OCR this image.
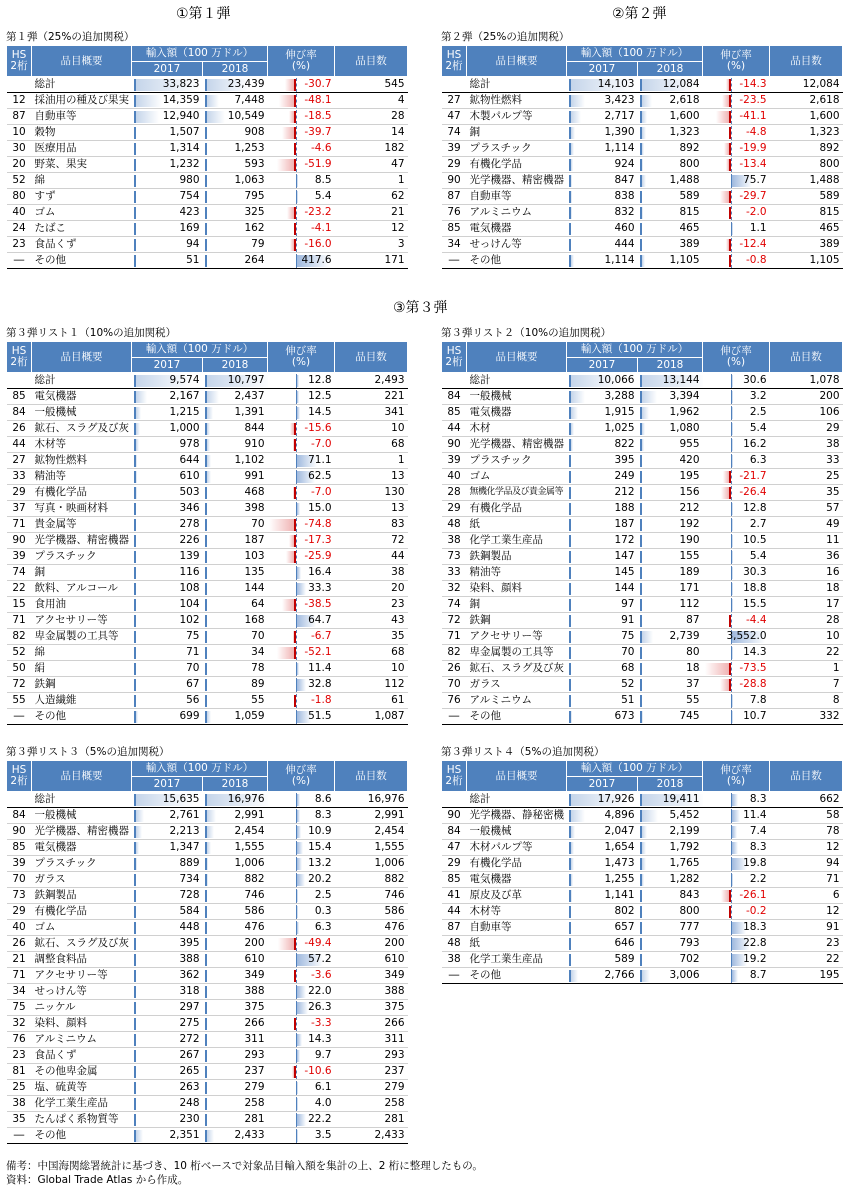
①第１弾	②第２弾
③第３弾
第１弾（25%の追加関税）
HS
2桁	品目概要	輸入額（100 万ドル）		伸び率
(%)	品目数
		2017	2018		
	総計	33,823	23,439	-30.7	545
12	採油用の種及び果実	14,359	7,448	-48.1	4
87	自動車等	12,940	10,549	-18.5	28
10	穀物	1,507	908	-39.7	14
30	医療用品	1,314	1,253	-4.6	182
20	野菜、果実	1,232	593	-51.9	47
52	綿	980	1,063	8.5	1
80	すず	754	795	5.4	62
40	ゴム	423	325	-23.2	21
24	たばこ	169	162	-4.1	12
23	食品くず	94	79	-16.0	3
―	その他	51	264	417.6	171
第２弾（25%の追加関税）
HS
2桁	品目概要	輸入額（100 万ドル）		伸び率
(%)	品目数
		2017	2018		
	総計	14,103	12,084	-14.3	12,084
27	鉱物性燃料	3,423	2,618	-23.5	2,618
47	木製パルプ等	2,717	1,600	-41.1	1,600
74	銅	1,390	1,323	-4.8	1,323
39	プラスチック	1,114	892	-19.9	892
29	有機化学品	924	800	-13.4	800
90	光学機器、精密機器	847	1,488	75.7	1,488
87	自動車等	838	589	-29.7	589
76	アルミニウム	832	815	-2.0	815
85	電気機器	460	465	1.1	465
34	せっけん等	444	389	-12.4	389
―	その他	1,114	1,105	-0.8	1,105
第３弾リスト１（10%の追加関税）
HS
2桁	品目概要	輸入額（100 万ドル）		伸び率
(%)	品目数
		2017	2018		
	総計	9,574	10,797	12.8	2,493
85	電気機器	2,167	2,437	12.5	221
84	一般機械	1,215	1,391	14.5	341
26	鉱石、スラグ及び灰	1,000	844	-15.6	10
44	木材等	978	910	-7.0	68
27	鉱物性燃料	644	1,102	71.1	1
33	精油等	610	991	62.5	13
29	有機化学品	503	468	-7.0	130
37	写真・映画材料	346	398	15.0	13
71	貴金属等	278	70	-74.8	83
90	光学機器、精密機器	226	187	-17.3	72
39	プラスチック	139	103	-25.9	44
74	銅	116	135	16.4	38
22	飲料、アルコール	108	144	33.3	20
15	食用油	104	64	-38.5	23
71	アクセサリー等	102	168	64.7	43
82	卑金属製の工具等	75	70	-6.7	35
52	綿	71	34	-52.1	68
50	絹	70	78	11.4	10
72	鉄鋼	67	89	32.8	112
55	人造繊維	56	55	-1.8	61
―	その他	699	1,059	51.5	1,087
第３弾リスト２（10%の追加関税）
HS
2桁	品目概要	輸入額（100 万ドル）		伸び率
(%)	品目数
		2017	2018		
	総計	10,066	13,144	30.6	1,078
84	一般機械	3,288	3,394	3.2	200
85	電気機器	1,915	1,962	2.5	106
44	木材	1,025	1,080	5.4	29
90	光学機器、精密機器	822	955	16.2	38
39	プラスチック	395	420	6.3	33
40	ゴム	249	195	-21.7	25
28	無機化学品及び貴金属等	212	156	-26.4	35
29	有機化学品	188	212	12.8	57
48	紙	187	192	2.7	49
38	化学工業生産品	172	190	10.5	11
73	鉄鋼製品	147	155	5.4	36
33	精油等	145	189	30.3	16
32	染料、顔料	144	171	18.8	18
74	銅	97	112	15.5	17
72	鉄鋼	91	87	-4.4	28
71	アクセサリー等	75	2,739	3,552.0	10
82	卑金属製の工具等	70	80	14.3	22
26	鉱石、スラグ及び灰	68	18	-73.5	1
70	ガラス	52	37	-28.8	7
76	アルミニウム	51	55	7.8	8
―	その他	673	745	10.7	332
第３弾リスト３（5%の追加関税）
HS
2桁	品目概要	輸入額（100 万ドル）		伸び率
(%)	品目数
		2017	2018		
	総計	15,635	16,976	8.6	16,976
84	一般機械	2,761	2,991	8.3	2,991
90	光学機器、精密機器	2,213	2,454	10.9	2,454
85	電気機器	1,347	1,555	15.4	1,555
39	プラスチック	889	1,006	13.2	1,006
70	ガラス	734	882	20.2	882
73	鉄鋼製品	728	746	2.5	746
29	有機化学品	584	586	0.3	586
40	ゴム	448	476	6.3	476
26	鉱石、スラグ及び灰	395	200	-49.4	200
21	調整食料品	388	610	57.2	610
71	アクセサリー等	362	349	-3.6	349
34	せっけん等	318	388	22.0	388
75	ニッケル	297	375	26.3	375
32	染料、顔料	275	266	-3.3	266
76	アルミニウム	272	311	14.3	311
23	食品くず	267	293	9.7	293
81	その他卑金属	265	237	-10.6	237
25	塩、硫黄等	263	279	6.1	279
38	化学工業生産品	248	258	4.0	258
35	たんぱく系物質等	230	281	22.2	281
―	その他	2,351	2,433	3.5	2,433
第３弾リスト４（5%の追加関税）
HS
2桁	品目概要	輸入額（100 万ドル）		伸び率
(%)	品目数
		2017	2018		
	総計	17,926	19,411	8.3	662
90	光学機器、静秘密機	4,896	5,452	11.4	58
84	一般機械	2,047	2,199	7.4	78
47	木材パルプ等	1,654	1,792	8.3	12
29	有機化学品	1,473	1,765	19.8	94
85	電気機器	1,255	1,282	2.2	71
41	原皮及び革	1,141	843	-26.1	6
44	木材等	802	800	-0.2	12
87	自動車等	657	777	18.3	91
48	紙	646	793	22.8	23
38	化学工業生産品	589	702	19.2	22
―	その他	2,766	3,006	8.7	195
備考：中国海関総署統計に基づき、10 桁ベースで対象品目輸入額を集計の上、2 桁に整理したもの。
資料：Global Trade Atlas から作成。
